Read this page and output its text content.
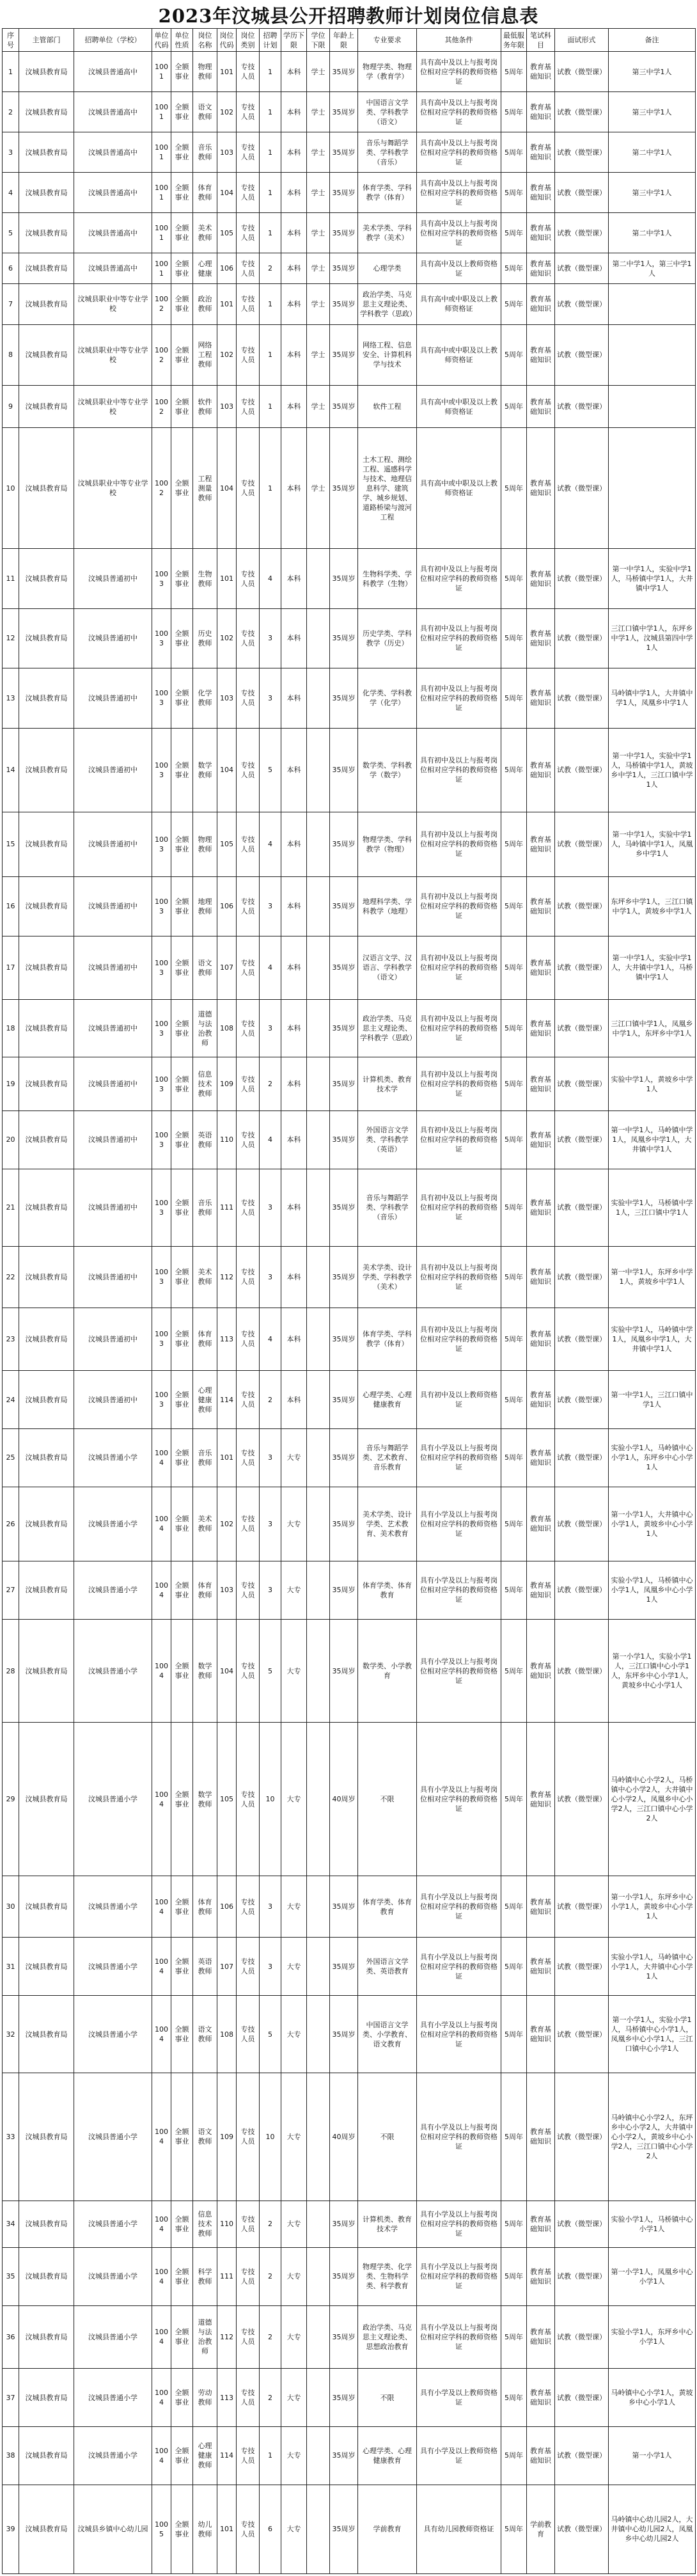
2023年汶城县公开招聘教师计划岗位信息表
序号	主管部门	招聘单位（学校）	单位代码	单位性质	岗位名称	岗位代码	岗位类别	招聘计划	学历下限	学位下限	年龄上限	专业要求	其他条件	最低服务年限	笔试科目	面试形式	备注
1	汶城县教育局	汶城县普通高中	1001	全额事业	物理教师	101	专技人员	1	本科	学士	35周岁	物理学类、物理学（教育学）	具有高中及以上与报考岗位相对应学科的教师资格证	5周年	教育基础知识	试教（微型课）	第三中学1人
2	汶城县教育局	汶城县普通高中	1001	全额事业	语文教师	102	专技人员	1	本科	学士	35周岁	中国语言文学类、学科教学（语文）	具有高中及以上与报考岗位相对应学科的教师资格证	5周年	教育基础知识	试教（微型课）	第三中学1人
3	汶城县教育局	汶城县普通高中	1001	全额事业	音乐教师	103	专技人员	1	本科	学士	35周岁	音乐与舞蹈学类、学科教学（音乐）	具有高中及以上与报考岗位相对应学科的教师资格证	5周年	教育基础知识	试教（微型课）	第二中学1人
4	汶城县教育局	汶城县普通高中	1001	全额事业	体育教师	104	专技人员	1	本科	学士	35周岁	体育学类、学科教学（体育）	具有高中及以上与报考岗位相对应学科的教师资格证	5周年	教育基础知识	试教（微型课）	第三中学1人
5	汶城县教育局	汶城县普通高中	1001	全额事业	美术教师	105	专技人员	1	本科	学士	35周岁	美术学类、学科教学（美术）	具有高中及以上与报考岗位相对应学科的教师资格证	5周年	教育基础知识	试教（微型课）	第二中学1人
6	汶城县教育局	汶城县普通高中	1001	全额事业	心理健康	106	专技人员	2	本科	学士	35周岁	心理学类	具有高中及以上教师资格证	5周年	教育基础知识	试教（微型课）	第二中学1人，第三中学1人
7	汶城县教育局	汶城县职业中等专业学校	1002	全额事业	政治教师	101	专技人员	1	本科	学士	35周岁	政治学类、马克思主义理论类、学科教学（思政）	具有高中或中职及以上教师资格证	5周年	教育基础知识	试教（微型课）	
8	汶城县教育局	汶城县职业中等专业学校	1002	全额事业	网络工程教师	102	专技人员	1	本科	学士	35周岁	网络工程、信息安全、计算机科学与技术	具有高中或中职及以上教师资格证	5周年	教育基础知识	试教（微型课）	
9	汶城县教育局	汶城县职业中等专业学校	1002	全额事业	软件教师	103	专技人员	1	本科	学士	35周岁	软件工程	具有高中或中职及以上教师资格证	5周年	教育基础知识	试教（微型课）	
10	汶城县教育局	汶城县职业中等专业学校	1002	全额事业	工程测量教师	104	专技人员	1	本科	学士	35周岁	土木工程、测绘工程、遥感科学与技术、地理信息科学、建筑学、城乡规划、道路桥梁与渡河工程	具有高中或中职及以上教师资格证	5周年	教育基础知识	试教（微型课）	
11	汶城县教育局	汶城县普通初中	1003	全额事业	生物教师	101	专技人员	4	本科		35周岁	生物科学类、学科教学（生物）	具有初中及以上与报考岗位相对应学科的教师资格证	5周年	教育基础知识	试教（微型课）	第一中学1人，实验中学1人，马桥镇中学1人，大井镇中学1人
12	汶城县教育局	汶城县普通初中	1003	全额事业	历史教师	102	专技人员	3	本科		35周岁	历史学类、学科教学（历史）	具有初中及以上与报考岗位相对应学科的教师资格证	5周年	教育基础知识	试教（微型课）	三江口镇中学1人，东坪乡中学1人，汶城县第四中学1人
13	汶城县教育局	汶城县普通初中	1003	全额事业	化学教师	103	专技人员	3	本科		35周岁	化学类、学科教学（化学）	具有初中及以上与报考岗位相对应学科的教师资格证	5周年	教育基础知识	试教（微型课）	马岭镇中学1人，大井镇中学1人，凤凰乡中学1人
14	汶城县教育局	汶城县普通初中	1003	全额事业	数学教师	104	专技人员	5	本科		35周岁	数学类、学科教学（数学）	具有初中及以上与报考岗位相对应学科的教师资格证	5周年	教育基础知识	试教（微型课）	第一中学1人，实验中学1人，马桥镇中学1人，黄坡乡中学1人，三江口镇中学1人
15	汶城县教育局	汶城县普通初中	1003	全额事业	物理教师	105	专技人员	4	本科		35周岁	物理学类、学科教学（物理）	具有初中及以上与报考岗位相对应学科的教师资格证	5周年	教育基础知识	试教（微型课）	第一中学1人，实验中学1人，马岭镇中学1人，凤凰乡中学1人
16	汶城县教育局	汶城县普通初中	1003	全额事业	地理教师	106	专技人员	3	本科		35周岁	地理科学类、学科教学（地理）	具有初中及以上与报考岗位相对应学科的教师资格证	5周年	教育基础知识	试教（微型课）	东坪乡中学1人，三江口镇中学1人，黄坡乡中学1人
17	汶城县教育局	汶城县普通初中	1003	全额事业	语文教师	107	专技人员	4	本科		35周岁	汉语言文学、汉语言、学科教学（语文）	具有初中及以上与报考岗位相对应学科的教师资格证	5周年	教育基础知识	试教（微型课）	第一中学1人，实验中学1人，大井镇中学1人，马桥镇中学1人
18	汶城县教育局	汶城县普通初中	1003	全额事业	道德与法治教师	108	专技人员	3	本科		35周岁	政治学类、马克思主义理论类、学科教学（思政）	具有初中及以上与报考岗位相对应学科的教师资格证	5周年	教育基础知识	试教（微型课）	三江口镇中学1人，凤凰乡中学1人，东坪乡中学1人
19	汶城县教育局	汶城县普通初中	1003	全额事业	信息技术教师	109	专技人员	2	本科		35周岁	计算机类、教育技术学	具有初中及以上与报考岗位相对应学科的教师资格证	5周年	教育基础知识	试教（微型课）	实验中学1人，黄坡乡中学1人
20	汶城县教育局	汶城县普通初中	1003	全额事业	英语教师	110	专技人员	4	本科		35周岁	外国语言文学类、学科教学（英语）	具有初中及以上与报考岗位相对应学科的教师资格证	5周年	教育基础知识	试教（微型课）	第一中学1人，马岭镇中学1人，凤凰乡中学1人，大井镇中学1人
21	汶城县教育局	汶城县普通初中	1003	全额事业	音乐教师	111	专技人员	3	本科		35周岁	音乐与舞蹈学类、学科教学（音乐）	具有初中及以上与报考岗位相对应学科的教师资格证	5周年	教育基础知识	试教（微型课）	实验中学1人，马桥镇中学1人，三江口镇中学1人
22	汶城县教育局	汶城县普通初中	1003	全额事业	美术教师	112	专技人员	3	本科		35周岁	美术学类、设计学类、学科教学（美术）	具有初中及以上与报考岗位相对应学科的教师资格证	5周年	教育基础知识	试教（微型课）	第一中学1人，东坪乡中学1人，黄坡乡中学1人
23	汶城县教育局	汶城县普通初中	1003	全额事业	体育教师	113	专技人员	4	本科		35周岁	体育学类、学科教学（体育）	具有初中及以上与报考岗位相对应学科的教师资格证	5周年	教育基础知识	试教（微型课）	实验中学1人，马岭镇中学1人，凤凰乡中学1人，大井镇中学1人
24	汶城县教育局	汶城县普通初中	1003	全额事业	心理健康教师	114	专技人员	2	本科		35周岁	心理学类、心理健康教育	具有初中及以上教师资格证	5周年	教育基础知识	试教（微型课）	第一中学1人，三江口镇中学1人
25	汶城县教育局	汶城县普通小学	1004	全额事业	音乐教师	101	专技人员	3	大专		35周岁	音乐与舞蹈学类、艺术教育、音乐教育	具有小学及以上与报考岗位相对应学科的教师资格证	5周年	教育基础知识	试教（微型课）	实验小学1人，马岭镇中心小学1人，东坪乡中心小学1人
26	汶城县教育局	汶城县普通小学	1004	全额事业	美术教师	102	专技人员	3	大专		35周岁	美术学类、设计学类、艺术教育、美术教育	具有小学及以上与报考岗位相对应学科的教师资格证	5周年	教育基础知识	试教（微型课）	第一小学1人，大井镇中心小学1人，黄坡乡中心小学1人
27	汶城县教育局	汶城县普通小学	1004	全额事业	体育教师	103	专技人员	3	大专		35周岁	体育学类、体育教育	具有小学及以上与报考岗位相对应学科的教师资格证	5周年	教育基础知识	试教（微型课）	实验小学1人，马桥镇中心小学1人，凤凰乡中心小学1人
28	汶城县教育局	汶城县普通小学	1004	全额事业	数学教师	104	专技人员	5	大专		35周岁	数学类、小学教育	具有小学及以上与报考岗位相对应学科的教师资格证	5周年	教育基础知识	试教（微型课）	第一小学1人，实验小学1人，三江口镇中心小学1人，东坪乡中心小学1人，黄坡乡中心小学1人
29	汶城县教育局	汶城县普通小学	1004	全额事业	数学教师	105	专技人员	10	大专		40周岁	不限	具有小学及以上与报考岗位相对应学科的教师资格证	5周年	教育基础知识	试教（微型课）	马岭镇中心小学2人，马桥镇中心小学2人，大井镇中心小学2人，凤凰乡中心小学2人，三江口镇中心小学2人
30	汶城县教育局	汶城县普通小学	1004	全额事业	体育教师	106	专技人员	3	大专		35周岁	体育学类、体育教育	具有小学及以上与报考岗位相对应学科的教师资格证	5周年	教育基础知识	试教（微型课）	第一小学1人，东坪乡中心小学1人，黄坡乡中心小学1人
31	汶城县教育局	汶城县普通小学	1004	全额事业	英语教师	107	专技人员	3	大专		35周岁	外国语言文学类、英语教育	具有小学及以上与报考岗位相对应学科的教师资格证	5周年	教育基础知识	试教（微型课）	实验小学1人，马岭镇中心小学1人，大井镇中心小学1人
32	汶城县教育局	汶城县普通小学	1004	全额事业	语文教师	108	专技人员	5	大专		35周岁	中国语言文学类、小学教育、语文教育	具有小学及以上与报考岗位相对应学科的教师资格证	5周年	教育基础知识	试教（微型课）	第一小学1人，实验小学1人，马桥镇中心小学1人，凤凰乡中心小学1人，三江口镇中心小学1人
33	汶城县教育局	汶城县普通小学	1004	全额事业	语文教师	109	专技人员	10	大专		40周岁	不限	具有小学及以上与报考岗位相对应学科的教师资格证	5周年	教育基础知识	试教（微型课）	马岭镇中心小学2人，东坪乡中心小学2人，大井镇中心小学2人，黄坡乡中心小学2人，三江口镇中心小学2人
34	汶城县教育局	汶城县普通小学	1004	全额事业	信息技术教师	110	专技人员	2	大专		35周岁	计算机类、教育技术学	具有小学及以上与报考岗位相对应学科的教师资格证	5周年	教育基础知识	试教（微型课）	实验小学1人，马桥镇中心小学1人
35	汶城县教育局	汶城县普通小学	1004	全额事业	科学教师	111	专技人员	2	大专		35周岁	物理学类、化学类、生物科学类、科学教育	具有小学及以上与报考岗位相对应学科的教师资格证	5周年	教育基础知识	试教（微型课）	第一小学1人，凤凰乡中心小学1人
36	汶城县教育局	汶城县普通小学	1004	全额事业	道德与法治教师	112	专技人员	2	大专		35周岁	政治学类、马克思主义理论类、思想政治教育	具有小学及以上与报考岗位相对应学科的教师资格证	5周年	教育基础知识	试教（微型课）	实验小学1人，东坪乡中心小学1人
37	汶城县教育局	汶城县普通小学	1004	全额事业	劳动教师	113	专技人员	2	大专		35周岁	不限	具有小学及以上教师资格证	5周年	教育基础知识	试教（微型课）	马岭镇中心小学1人，黄坡乡中心小学1人
38	汶城县教育局	汶城县普通小学	1004	全额事业	心理健康教师	114	专技人员	1	大专		35周岁	心理学类、心理健康教育	具有小学及以上教师资格证	5周年	教育基础知识	试教（微型课）	第一小学1人
39	汶城县教育局	汶城县乡镇中心幼儿园	1005	全额事业	幼儿教师	101	专技人员	6	大专		35周岁	学前教育	具有幼儿园教师资格证	5周年	学前教育	试教（微型课）	马岭镇中心幼儿园2人，大井镇中心幼儿园2人，凤凰乡中心幼儿园2人
